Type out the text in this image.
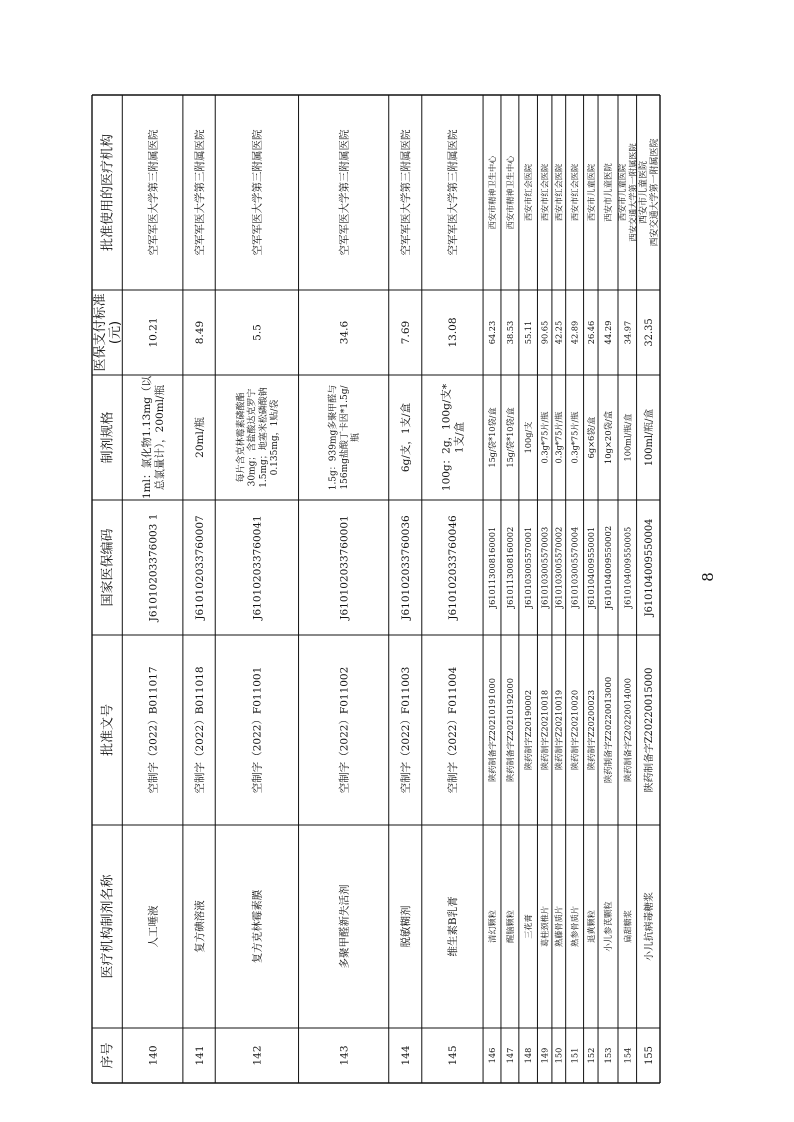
序号
医疗机构制剂名称
批准文号
国家医保编码
制剂规格
医保支付标准(元)
批准使用的医疗机构
140
人工唾液
空制字（2022）B011017
J61010203376003 1
1ml：氯化物1.13mg（以总氯量计），200ml/瓶
10.21
空军军医大学第三附属医院
141
复方碘溶液
空制字（2022）B011018
J610102033760007
20ml/瓶
8.49
空军军医大学第三附属医院
142
复方克林霉素膜
空制字（2022）F011001
J610102033760041
每片含克林霉素磷酸酯30mg；含盐酸达克罗宁1.5mg；地塞米松磷酸钠0.135mg，1贴/袋
5.5
空军军医大学第三附属医院
143
多聚甲醛新失活剂
空制字（2022）F011002
J610102033760001
1.5g：939mg多聚甲醛与156mg盐酸丁卡因*1.5g/瓶
34.6
空军军医大学第三附属医院
144
脱敏糊剂
空制字（2022）F011003
J610102033760036
6g/支，1支/盒
7.69
空军军医大学第三附属医院
145
维生素B乳膏
空制字（2022）F011004
J610102033760046
100g：2g，100g/支*1支/盒
13.08
空军军医大学第三附属医院
146
清幻颗粒
陕药制备字Z20210191000
J610113008160001
15g/袋*10袋/盒
64.23
西安市精神卫生中心
147
醒脑颗粒
陕药制备字Z20210192000
J610113008160002
15g/袋*10袋/盒
38.53
西安市精神卫生中心
148
三花膏
陕药制字Z20190002
J610103005570001
100g/支
55.11
西安市红会医院
149
葛桂颈椎片
陕药制字Z20210018
J610103005570003
0.3g*75片/瓶
90.65
西安市红会医院
150
熟藤骨质片
陕药制字Z20210019
J610103005570002
0.3g*75片/瓶
42.25
西安市红会医院
151
熟参骨质片
陕药制字Z20210020
J610103005570004
0.3g*75片/瓶
42.89
西安市红会医院
152
退黄颗粒
陕药制字Z20200023
J610104009550001
6g×6袋/盒
26.46
西安市儿童医院
153
小儿参芪颗粒
陕药制备字Z20220013000
J610104009550002
10g×20袋/盒
44.29
西安市儿童医院
154
扁甜糖浆
陕药制备字Z20220014000
J610104009550005
100ml/瓶/盒
34.97
西安市儿童医院西安交通大学第一附属医院
155
小儿抗病毒糖浆
陕药制备字Z20220015000
J610104009550004
100ml/瓶/盒
32.35
西安市儿童医院西安交通大学第一附属医院
8
